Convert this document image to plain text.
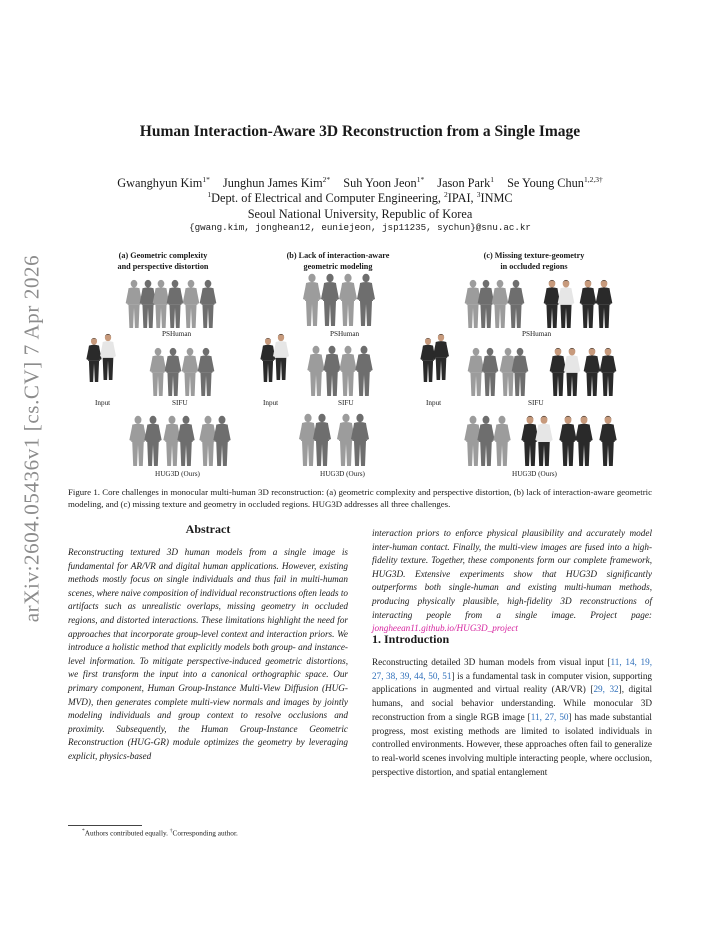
arXiv:2604.05436v1 [cs.CV] 7 Apr 2026
Human Interaction-Aware 3D Reconstruction from a Single Image
Gwanghyun Kim$^{1*}$ Junghun James Kim$^{2*}$ Suh Yoon Jeon$^{1*}$ Jason Park$^1$ Se Young Chun$^{1,2,3\dagger}$
$^1$Dept. of Electrical and Computer Engineering, $^2$IPAI, $^3$INMC
Seoul National University, Republic of Korea
{gwang.kim, jonghean12, euniejeon, jsp11235, sychun}@snu.ac.kr
(a) Geometric complexity
and perspective distortion
(b) Lack of interaction-aware
geometric modeling
(c) Missing texture-geometry
in occluded regions
PSHuman	PSHuman	PSHuman
Input	Input	Input
SIFU	SIFU	SIFU
HUG3D (Ours)	HUG3D (Ours)	HUG3D (Ours)

Figure 1. Core challenges in monocular multi-human 3D reconstruction: (a) geometric complexity and perspective distortion, (b) lack of interaction-aware geometric modeling, and (c) missing texture and geometry in occluded regions. HUG3D addresses all three challenges.

Abstract

Reconstructing textured 3D human models from a single image is fundamental for AR/VR and digital human applications. However, existing methods mostly focus on single individuals and thus fail in multi-human scenes, where naive composition of individual reconstructions often leads to artifacts such as unrealistic overlaps, missing geometry in occluded regions, and distorted interactions. These limitations highlight the need for approaches that incorporate group-level context and interaction priors. We introduce a holistic method that explicitly models both group- and instance-level information. To mitigate perspective-induced geometric distortions, we first transform the input into a canonical orthographic space. Our primary component, Human Group-Instance Multi-View Diffusion (HUG-MVD), then generates complete multi-view normals and images by jointly modeling individuals and group context to resolve occlusions and proximity. Subsequently, the Human Group-Instance Geometric Reconstruction (HUG-GR) module optimizes the geometry by leveraging explicit, physics-based

interaction priors to enforce physical plausibility and accurately model inter-human contact. Finally, the multi-view images are fused into a high-fidelity texture. Together, these components form our complete framework, HUG3D. Extensive experiments show that HUG3D significantly outperforms both single-human and existing multi-human methods, producing physically plausible, high-fidelity 3D reconstructions of interacting people from a single image. Project page: jongheean11.github.io/HUG3D_project

1. Introduction

Reconstructing detailed 3D human models from visual input [11, 14, 19, 27, 38, 39, 44, 50, 51] is a fundamental task in computer vision, supporting applications in augmented and virtual reality (AR/VR) [29, 32], digital humans, and social behavior understanding. While monocular 3D reconstruction from a single RGB image [11, 27, 50] has made substantial progress, most existing methods are limited to isolated individuals in controlled environments. However, these approaches often fail to generalize to real-world scenes involving multiple interacting people, where occlusion, perspective distortion, and spatial entanglement

*Authors contributed equally. †Corresponding author.
